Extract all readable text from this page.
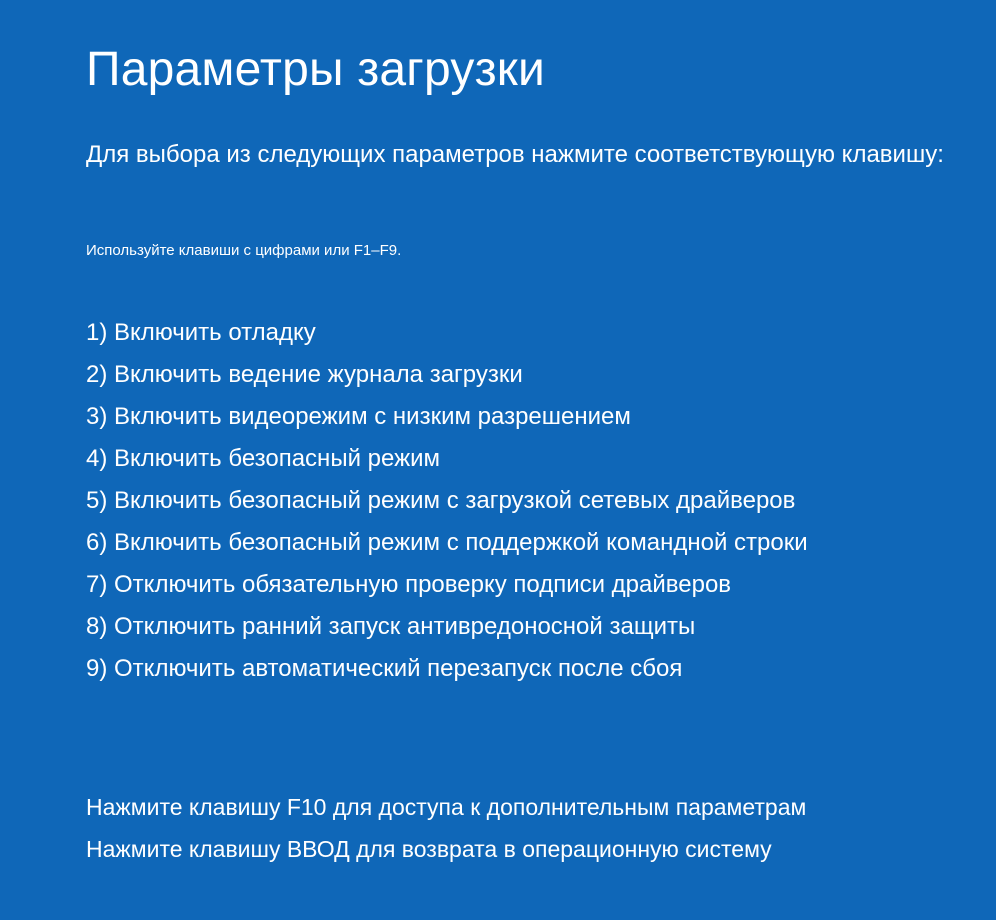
Параметры загрузки

Для выбора из следующих параметров нажмите соответствующую клавишу:

Используйте клавиши с цифрами или F1–F9.

1) Включить отладку
2) Включить ведение журнала загрузки
3) Включить видеорежим с низким разрешением
4) Включить безопасный режим
5) Включить безопасный режим с загрузкой сетевых драйверов
6) Включить безопасный режим с поддержкой командной строки
7) Отключить обязательную проверку подписи драйверов
8) Отключить ранний запуск антивредоносной защиты
9) Отключить автоматический перезапуск после сбоя
Нажмите клавишу F10 для доступа к дополнительным параметрам
Нажмите клавишу ВВОД для возврата в операционную систему
